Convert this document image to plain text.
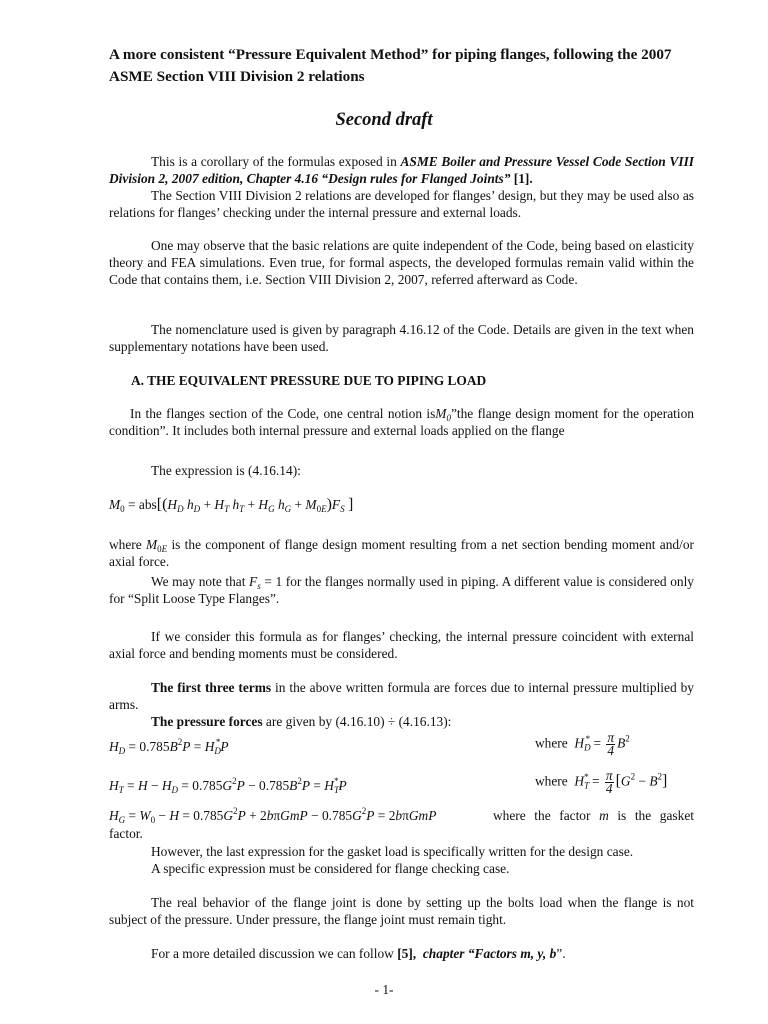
A more consistent “Pressure Equivalent Method” for piping flanges, following the 2007 ASME Section VIII Division 2 relations
Second draft
This is a corollary of the formulas exposed in ASME Boiler and Pressure Vessel Code Section VIII Division 2, 2007 edition, Chapter 4.16 “Design rules for Flanged Joints” [1].
The Section VIII Division 2 relations are developed for flanges’ design, but they may be used also as relations for flanges’ checking under the internal pressure and external loads.
One may observe that the basic relations are quite independent of the Code, being based on elasticity theory and FEA simulations. Even true, for formal aspects, the developed formulas remain valid within the Code that contains them, i.e. Section VIII Division 2, 2007, referred afterward as Code.
The nomenclature used is given by paragraph 4.16.12 of the Code. Details are given in the text when supplementary notations have been used.
A. THE EQUIVALENT PRESSURE DUE TO PIPING LOAD
In the flanges section of the Code, one central notion isM$_0$”the flange design moment for the operation condition”. It includes both internal pressure and external loads applied on the flange
The expression is (4.16.14):
$M_0 = abs[(H_D$ $h_D + H_T$ $h_T + H_G$ $h_G + M_{0E})F_S$ ]
where $M_{0E}$ is the component of flange design moment resulting from a net section bending moment and/or axial force.
We may note that $F_s = 1$ for the flanges normally used in piping. A different value is considered only for “Split Loose Type Flanges”.
If we consider this formula as for flanges’ checking, the internal pressure coincident with external axial force and bending moments must be considered.
The first three terms in the above written formula are forces due to internal pressure multiplied by arms.
The pressure forces are given by (4.16.10) ÷ (4.16.13):
$H_D = 0.785B^2P = H_D^*P$	where $H_D^* = \frac{\pi}{4} B^2$
$H_T = H - H_D = 0.785G^2P - 0.785B^2P = H_T^*P$	where $H_T^* = \frac{\pi}{4} [G^2 - B^2]$
$H_G = W_0 - H = 0.785G^2P + 2b\pi GmP - 0.785G^2P = 2b\pi GmP$	where the factor m is the gasket
factor.
However, the last expression for the gasket load is specifically written for the design case.
A specific expression must be considered for flange checking case.
The real behavior of the flange joint is done by setting up the bolts load when the flange is not subject of the pressure. Under pressure, the flange joint must remain tight.
For a more detailed discussion we can follow [5], chapter “Factors m, y, b”.
- 1-
